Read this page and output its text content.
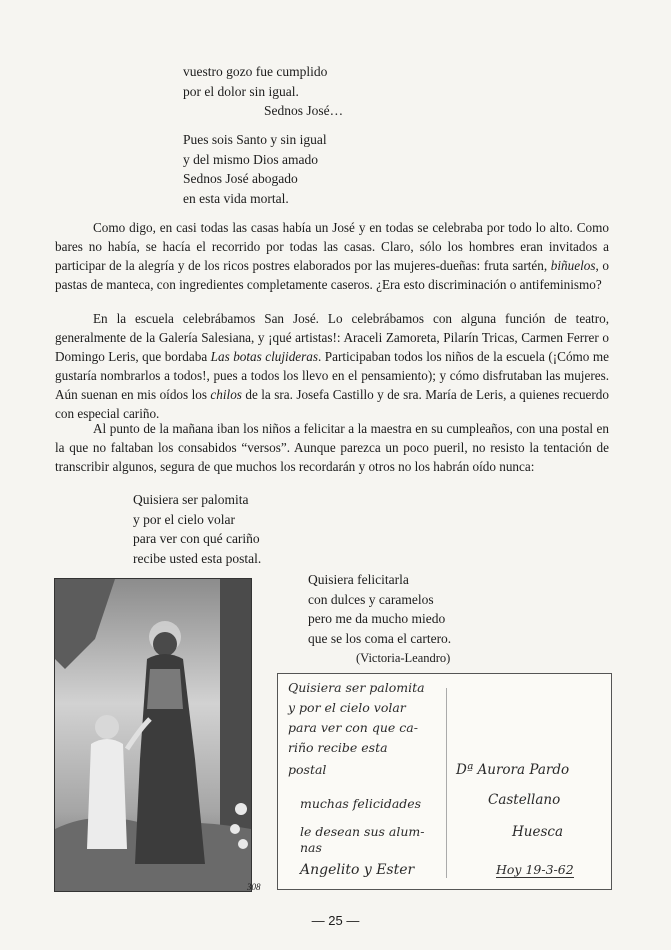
vuestro gozo fue cumplido
por el dolor sin igual.
Sednos José…
Pues sois Santo y sin igual
y del mismo Dios amado
Sednos José abogado
en esta vida mortal.

Como digo, en casi todas las casas había un José y en todas se celebraba por todo lo alto. Como bares no había, se hacía el recorrido por todas las casas. Claro, sólo los hombres eran invitados a participar de la alegría y de los ricos postres elaborados por las mujeres-dueñas: fruta sartén, biñuelos, o pastas de manteca, con ingredientes completamente caseros. ¿Era esto discriminación o antifeminismo?

En la escuela celebrábamos San José. Lo celebrábamos con alguna función de teatro, generalmente de la Galería Salesiana, y ¡qué artistas!: Araceli Zamoreta, Pilarín Tricas, Carmen Ferrer o Domingo Leris, que bordaba Las botas clujideras. Participaban todos los niños de la escuela (¡Cómo me gustaría nombrarlos a todos!, pues a todos los llevo en el pensamiento); y cómo disfrutaban las mujeres. Aún suenan en mis oídos los chilos de la sra. Josefa Castillo y de sra. María de Leris, a quienes recuerdo con especial cariño.

Al punto de la mañana iban los niños a felicitar a la maestra en su cumpleaños, con una postal en la que no faltaban los consabidos “versos”. Aunque parezca un poco pueril, no resisto la tentación de transcribir algunos, segura de que muchos los recordarán y otros no los habrán oído nunca:

Quisiera ser palomita
y por el cielo volar
para ver con qué cariño
recibe usted esta postal.
Quisiera felicitarla
con dulces y caramelos
pero me da mucho miedo
que se los coma el cartero.
(Victoria-Leandro)
Quisiera ser palomita
y por el cielo volar
para ver con que ca-
riño recibe esta
postal
muchas felicidades
le desean sus alum-
nas
Angelito y Ester
Dª Aurora Pardo
Castellano
Huesca
Hoy 19-3-62
308
— 25 —
